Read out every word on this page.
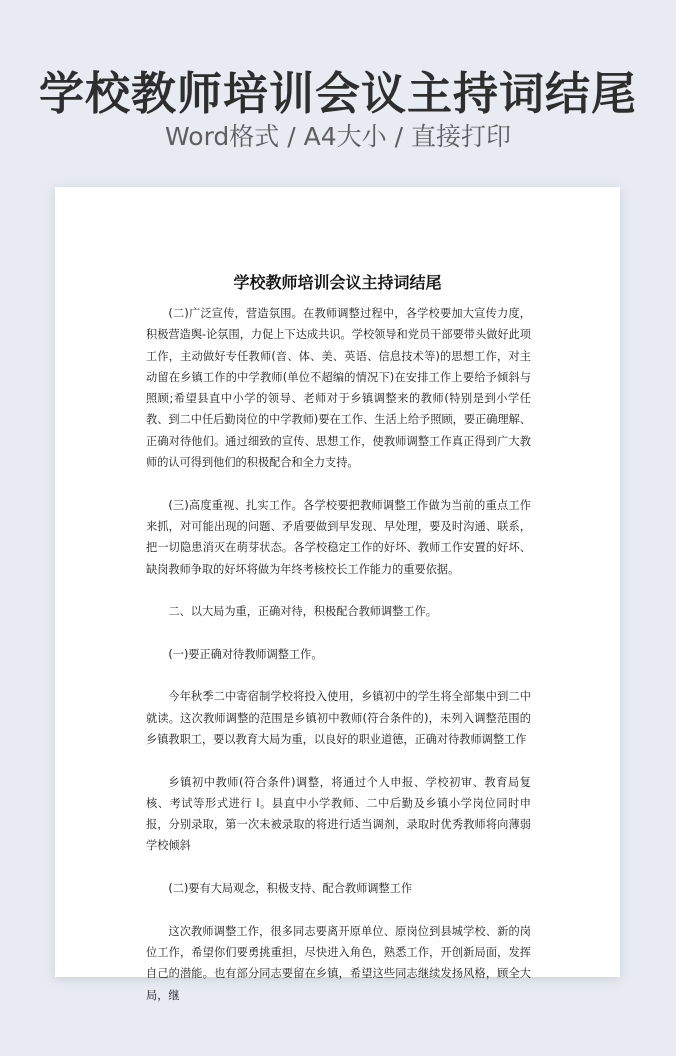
学校教师培训会议主持词结尾
Word格式 / A4大小 / 直接打印
学校教师培训会议主持词结尾

(二)广泛宣传，营造氛围。在教师调整过程中，各学校要加大宣传力度，积极营造舆-论氛围，力促上下达成共识。学校领导和党员干部要带头做好此项工作，主动做好专任教师(音、体、美、英语、信息技术等)的思想工作，对主动留在乡镇工作的中学教师(单位不超编的情况下)在安排工作上要给予倾斜与照顾;希望县直中小学的领导、老师对于乡镇调整来的教师(特别是到小学任教、到二中任后勤岗位的中学教师)要在工作、生活上给予照顾，要正确理解、正确对待他们。通过细致的宣传、思想工作，使教师调整工作真正得到广大教师的认可得到他们的积极配合和全力支持。

(三)高度重视、扎实工作。各学校要把教师调整工作做为当前的重点工作来抓，对可能出现的问题、矛盾要做到早发现、早处理，要及时沟通、联系，把一切隐患消灭在萌芽状态。各学校稳定工作的好坏、教师工作安置的好坏、缺岗教师争取的好坏将做为年终考核校长工作能力的重要依据。

二、以大局为重，正确对待，积极配合教师调整工作。

(一)要正确对待教师调整工作。

今年秋季二中寄宿制学校将投入使用，乡镇初中的学生将全部集中到二中就读。这次教师调整的范围是乡镇初中教师(符合条件的)，未列入调整范围的乡镇教职工，要以教育大局为重，以良好的职业道德，正确对待教师调整工作

乡镇初中教师(符合条件)调整，将通过个人申报、学校初审、教育局复核、考试等形式进行 l。县直中小学教师、二中后勤及乡镇小学岗位同时申报，分别录取，第一次未被录取的将进行适当调剂，录取时优秀教师将向薄弱学校倾斜

(二)要有大局观念，积极支持、配合教师调整工作

这次教师调整工作，很多同志要离开原单位、原岗位到县城学校、新的岗位工作，希望你们要勇挑重担，尽快进入角色，熟悉工作，开创新局面，发挥自己的潜能。也有部分同志要留在乡镇，希望这些同志继续发扬风格，顾全大局，继
